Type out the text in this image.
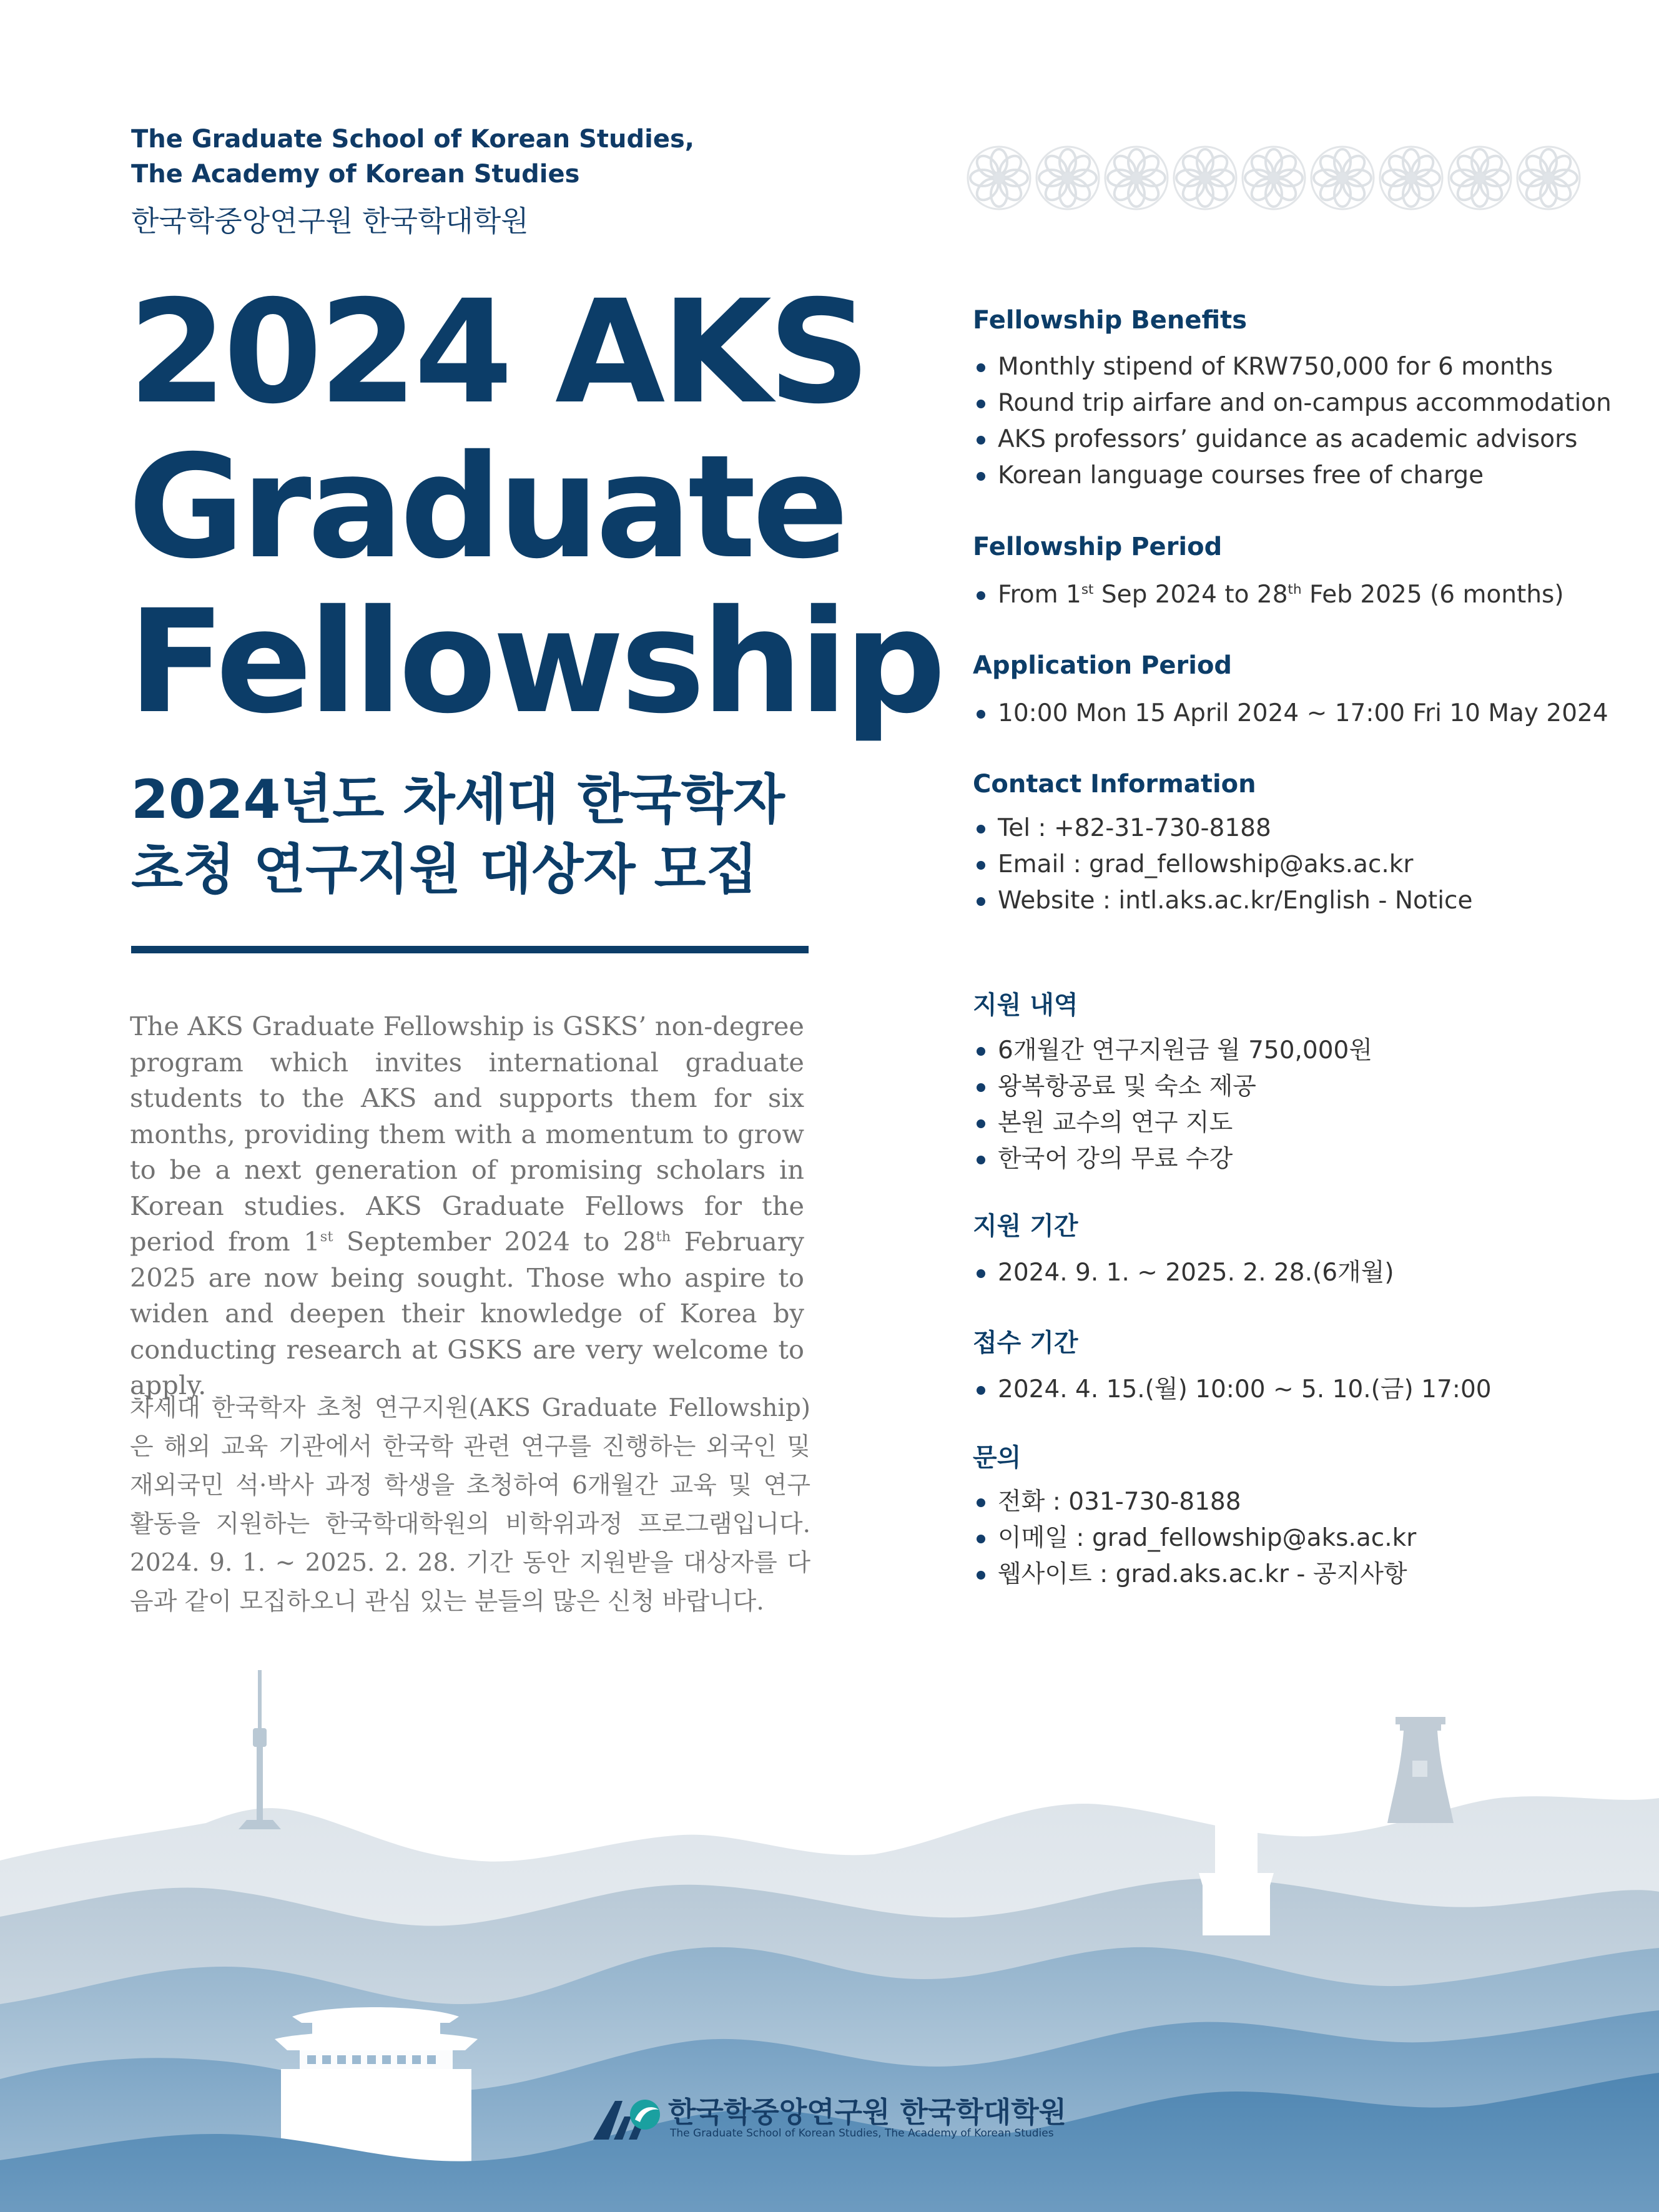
The Graduate School of Korean Studies,
The Academy of Korean Studies
한국학중앙연구원 한국학대학원
2024 AKS
Graduate
Fellowship
2024년도 차세대 한국학자
초청 연구지원 대상자 모집
The AKS Graduate Fellowship is GSKS’ non-degree program which invites international graduate students to the AKS and supports them for six months, providing them with a momentum to grow to be a next generation of promising scholars in Korean studies. AKS Graduate Fellows for the period from 1st September 2024 to 28th February 2025 are now being sought. Those who aspire to widen and deepen their knowledge of Korea by conducting research at GSKS are very welcome to apply.
차세대 한국학자 초청 연구지원(AKS Graduate Fellowship)은 해외 교육 기관에서 한국학 관련 연구를 진행하는 외국인 및 재외국민 석·박사 과정 학생을 초청하여 6개월간 교육 및 연구 활동을 지원하는 한국학대학원의 비학위과정 프로그램입니다. 2024. 9. 1. ~ 2025. 2. 28. 기간 동안 지원받을 대상자를 다음과 같이 모집하오니 관심 있는 분들의 많은 신청 바랍니다.
Fellowship Benefits
Monthly stipend of KRW750,000 for 6 months
Round trip airfare and on-campus accommodation
AKS professors’ guidance as academic advisors
Korean language courses free of charge
Fellowship Period
From 1st Sep 2024 to 28th Feb 2025 (6 months)
Application Period
10:00 Mon 15 April 2024 ~ 17:00 Fri 10 May 2024
Contact Information
Tel : +82-31-730-8188
Email : grad_fellowship@aks.ac.kr
Website : intl.aks.ac.kr/English - Notice
지원 내역
6개월간 연구지원금 월 750,000원
왕복항공료 및 숙소 제공
본원 교수의 연구 지도
한국어 강의 무료 수강
지원 기간
2024. 9. 1. ~ 2025. 2. 28.(6개월)
접수 기간
2024. 4. 15.(월) 10:00 ~ 5. 10.(금) 17:00
문의
전화 : 031-730-8188
이메일 : grad_fellowship@aks.ac.kr
웹사이트 : grad.aks.ac.kr - 공지사항
한국학중앙연구원 한국학대학원
The Graduate School of Korean Studies, The Academy of Korean Studies
